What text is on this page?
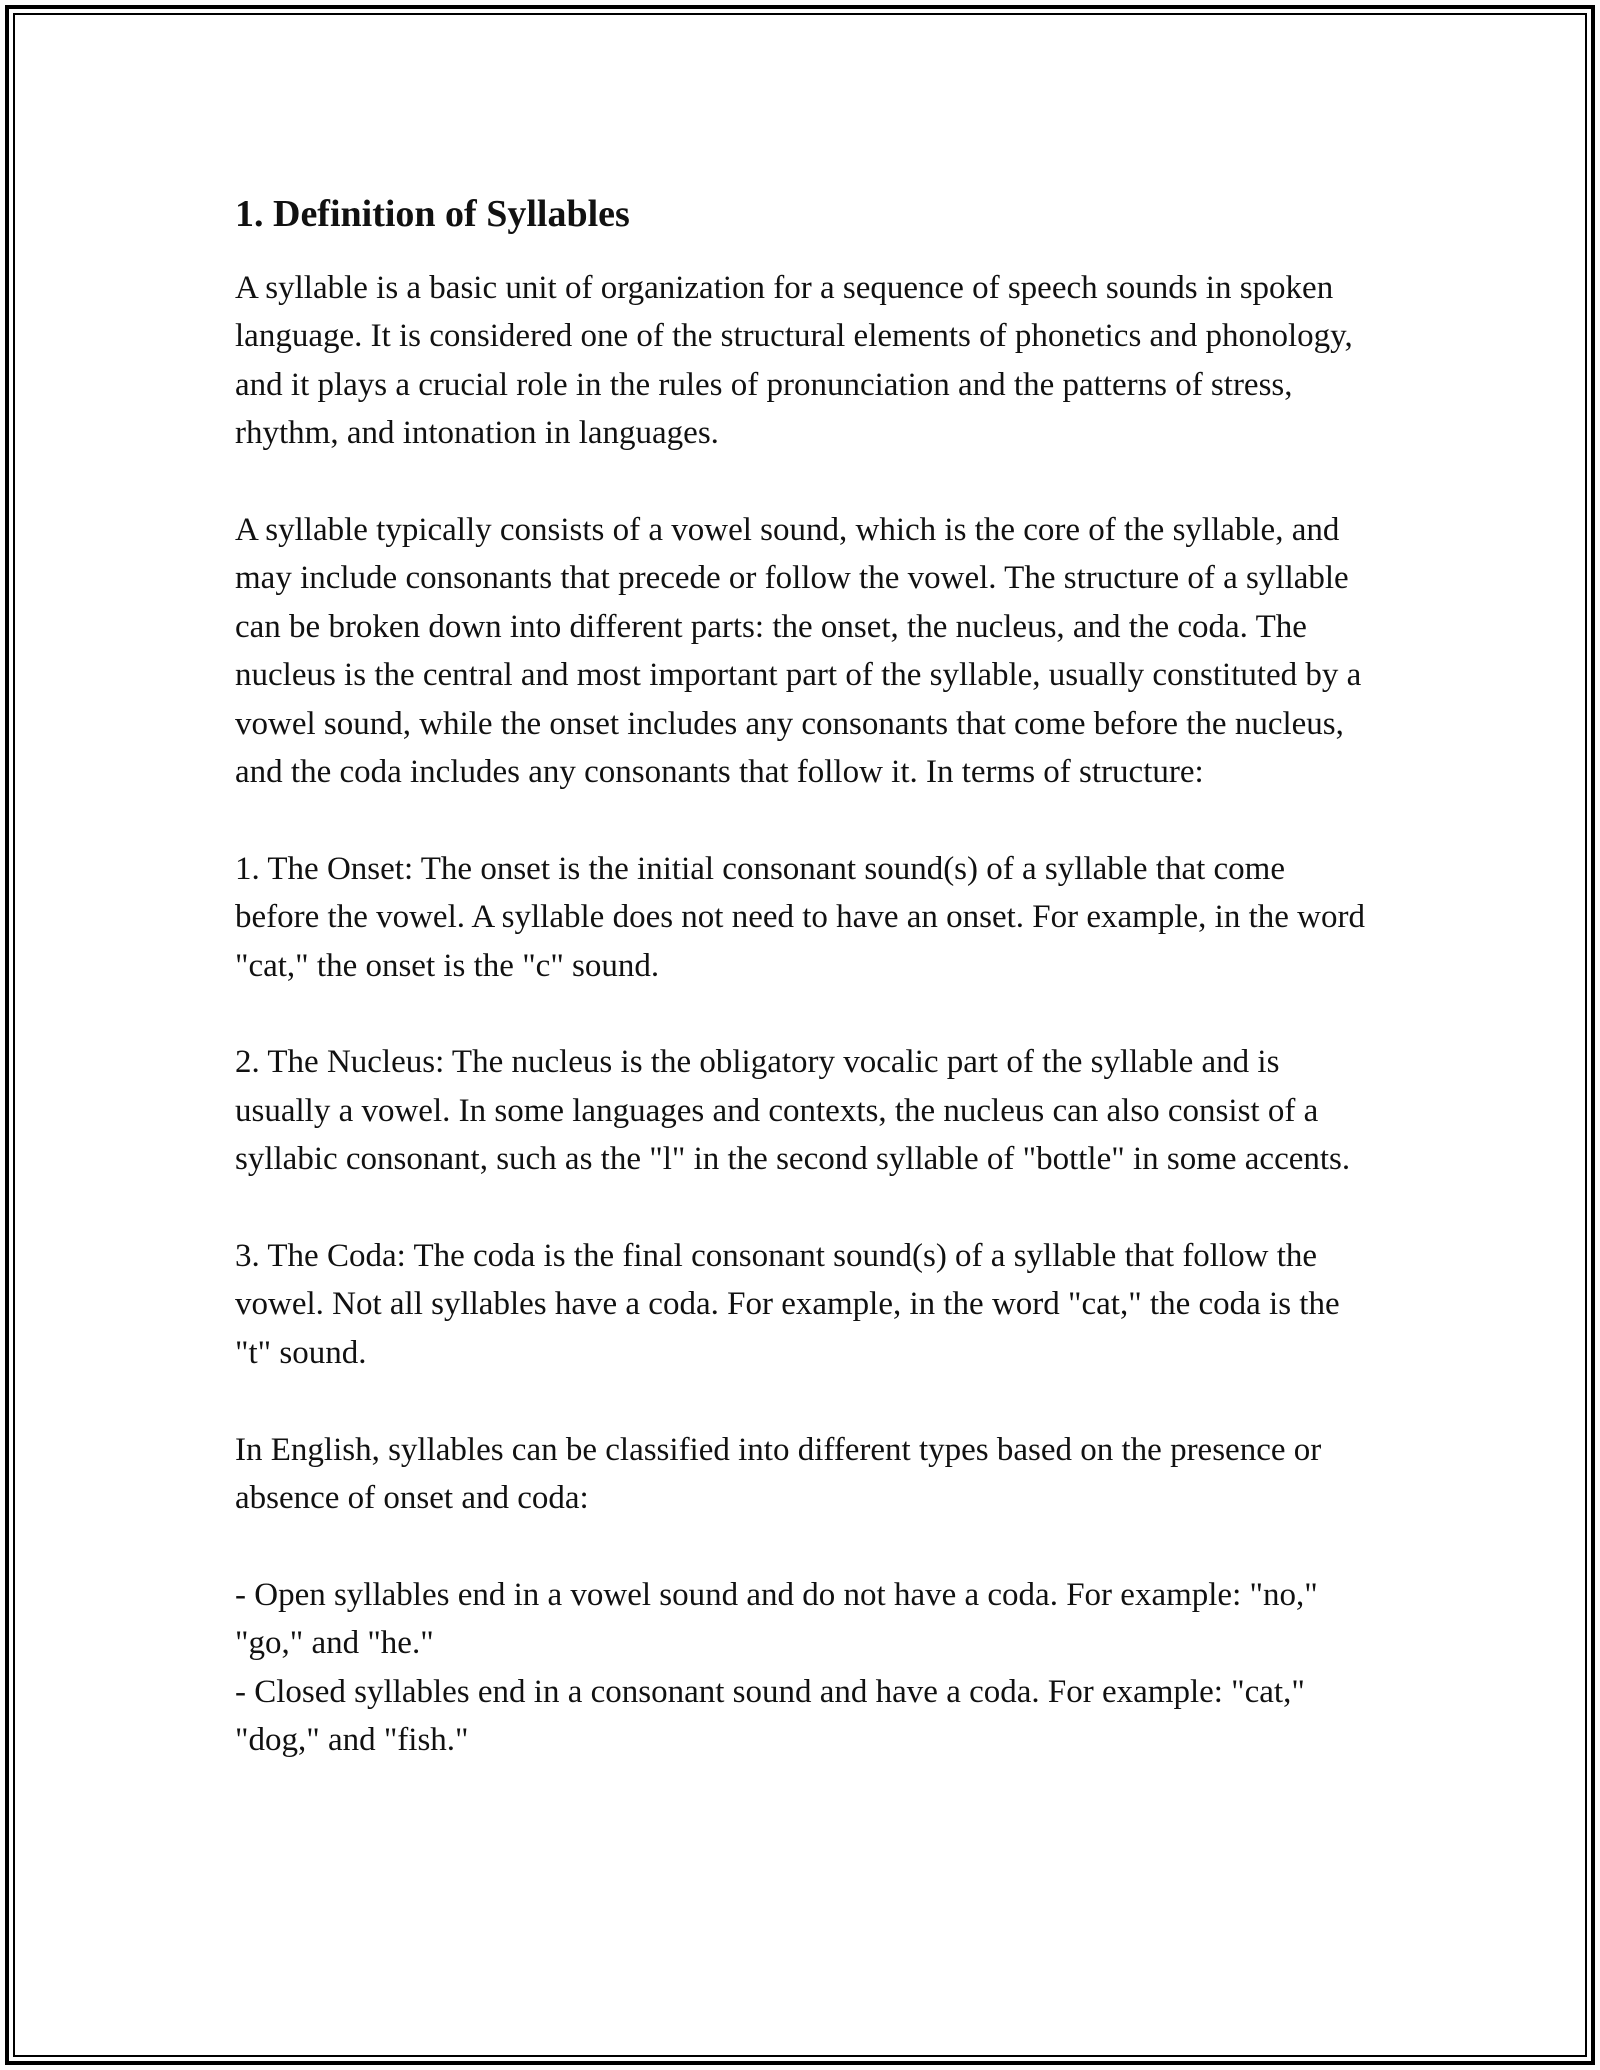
1. Definition of Syllables

A syllable is a basic unit of organization for a sequence of speech sounds in spoken language. It is considered one of the structural elements of phonetics and phonology, and it plays a crucial role in the rules of pronunciation and the patterns of stress, rhythm, and intonation in languages.

A syllable typically consists of a vowel sound, which is the core of the syllable, and may include consonants that precede or follow the vowel. The structure of a syllable can be broken down into different parts: the onset, the nucleus, and the coda. The nucleus is the central and most important part of the syllable, usually constituted by a vowel sound, while the onset includes any consonants that come before the nucleus, and the coda includes any consonants that follow it. In terms of structure:

1. The Onset: The onset is the initial consonant sound(s) of a syllable that come before the vowel. A syllable does not need to have an onset. For example, in the word "cat," the onset is the "c" sound.

2. The Nucleus: The nucleus is the obligatory vocalic part of the syllable and is usually a vowel. In some languages and contexts, the nucleus can also consist of a syllabic consonant, such as the "l" in the second syllable of "bottle" in some accents.

3. The Coda: The coda is the final consonant sound(s) of a syllable that follow the vowel. Not all syllables have a coda. For example, in the word "cat," the coda is the "t" sound.

In English, syllables can be classified into different types based on the presence or absence of onset and coda:

- Open syllables end in a vowel sound and do not have a coda. For example: "no," "go," and "he."

- Closed syllables end in a consonant sound and have a coda. For example: "cat," "dog," and "fish."
